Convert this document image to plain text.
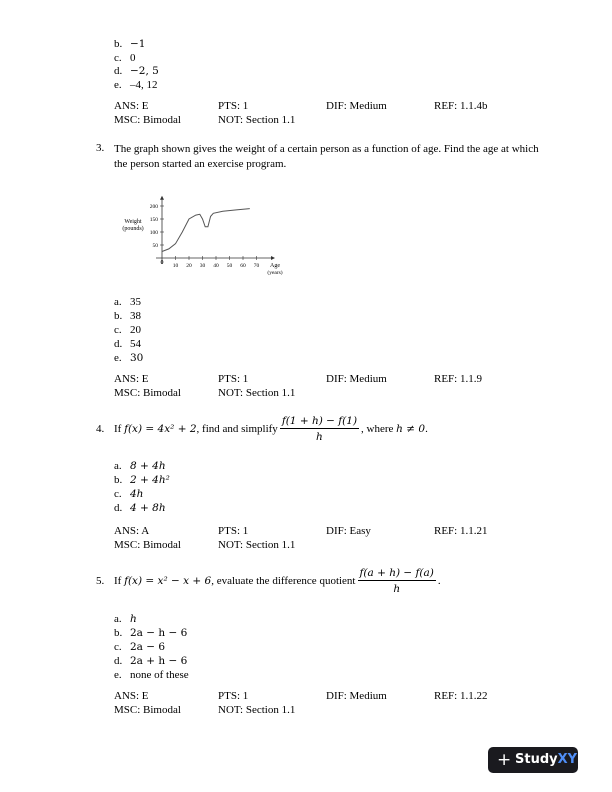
b. −1
c. 0
d. −2, 5
e. –4, 12
ANS: E	PTS: 1	DIF: Medium	REF: 1.1.4b
MSC: Bimodal	NOT: Section 1.1
3. The graph shown gives the weight of a certain person as a function of age. Find the age at which the person started an exercise program.
10 20 30 40 50 60 70
50
100
150
200
Weight
(pounds)
Age
(years)
0
a. 35
b. 38
c. 20
d. 54
e. 30
ANS: E	PTS: 1	DIF: Medium	REF: 1.1.9
MSC: Bimodal	NOT: Section 1.1
4. If
f(x) = 4x² + 2 , find and simplify $\frac{f(1 + h) - f(1)}{h}$ , where
h ≠ 0 .
a. 8 + 4h
b. 2 + 4h²
c. 4h
d. 4 + 8h
ANS: A	PTS: 1	DIF: Easy	REF: 1.1.21
MSC: Bimodal	NOT: Section 1.1
5. If
f(x) = x² − x + 6 , evaluate the difference quotient $\frac{f(a + h) - f(a)}{h}$ .
a. h
b. 2a − h − 6
c. 2a − 6
d. 2a + h − 6
e. none of these
ANS: E	PTS: 1	DIF: Medium	REF: 1.1.22
MSC: Bimodal	NOT: Section 1.1
+ StudyXY
